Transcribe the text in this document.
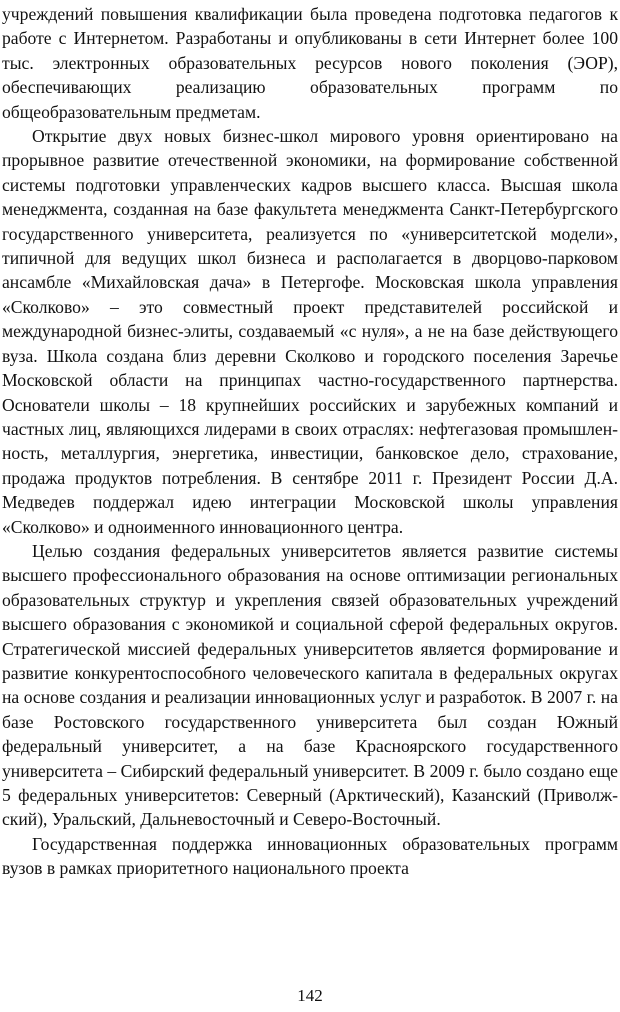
учреждений повышения квалификации была проведена подготовка педагогов к работе с Интернетом. Разработаны и опубликованы в сети Интернет более 100 тыс. электронных образовательных ресурсов нового поколения (ЭОР), обеспечивающих реализацию образовательных программ по общеобразовательным предметам.

Открытие двух новых бизнес-школ мирового уровня ориентировано на прорывное развитие отечественной экономики, на формирование собственной системы подготовки управленческих кадров высшего класса. Высшая школа менеджмента, созданная на базе факультета менеджмента Санкт-Петербургского государственного университета, реализуется по «университетской модели», типичной для ведущих школ бизнеса и располагается в дворцово-парковом ансамбле «Михайловская дача» в Петергофе. Московская школа управления «Сколково» – это совместный проект представителей российской и международной бизнес-элиты, создаваемый «с нуля», а не на базе действующего вуза. Школа создана близ деревни Сколково и городского поселения Заречье Московской области на принципах частно-государственного партнерства. Основатели школы – 18 крупнейших российских и зарубежных компаний и частных лиц, являющихся лидерами в своих отраслях: нефтегазовая промышленность, металлургия, энергетика, инвестиции, банковское дело, страхование, продажа продуктов потребления. В сентябре 2011 г. Президент России Д.А. Медведев поддержал идею интеграции Московской школы управления «Сколково» и одноименного инновационного центра.

Целью создания федеральных университетов является развитие системы высшего профессионального образования на основе оптимизации региональных образовательных структур и укрепления связей образовательных учреждений высшего образования с экономикой и социальной сферой федеральных округов. Стратегической миссией федеральных университетов является формирование и развитие конкурентоспособного человеческого капитала в федеральных округах на основе создания и реализации инновационных услуг и разработок. В 2007 г. на базе Ростовского государственного университета был создан Южный федеральный университет, а на базе Красноярского государственного университета – Сибирский федеральный университет. В 2009 г. было создано еще 5 федеральных университетов: Северный (Арктический), Казанский (Приволжский), Уральский, Дальневосточный и Северо-Восточный.

Государственная поддержка инновационных образовательных программ вузов в рамках приоритетного национального проекта

142
